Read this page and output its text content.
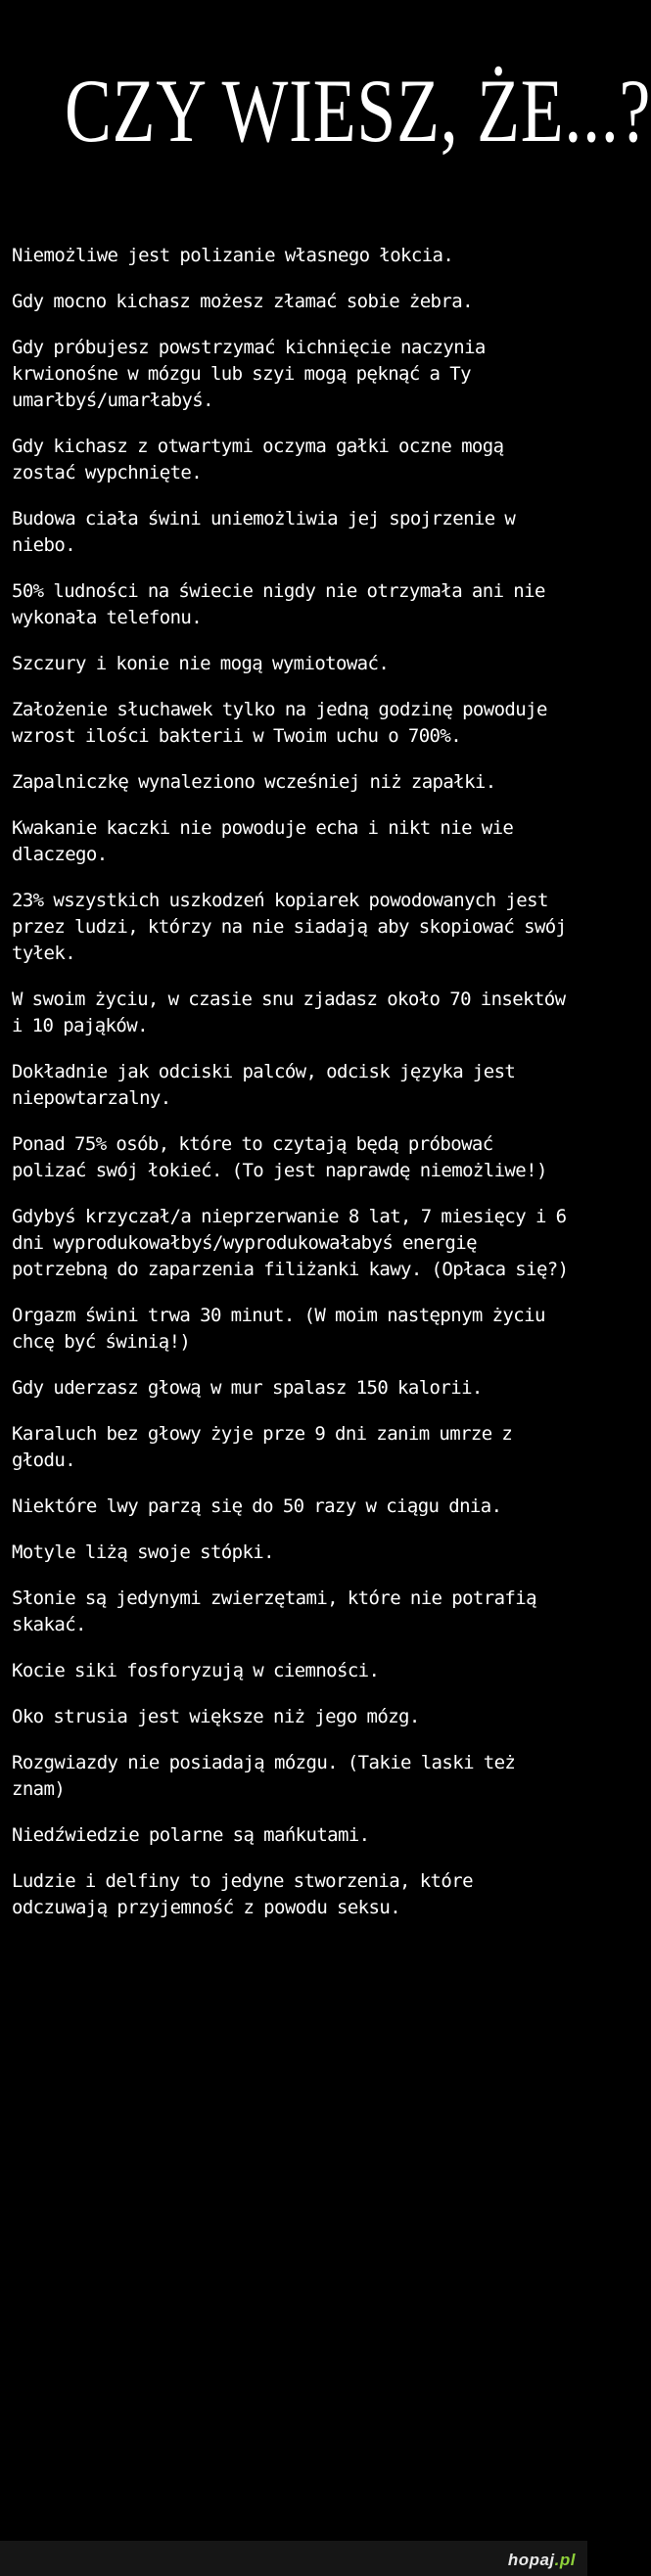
CZY WIESZ, ŻE...?
Niemożliwe jest polizanie własnego łokcia.
Gdy mocno kichasz możesz złamać sobie żebra.
Gdy próbujesz powstrzymać kichnięcie naczynia krwionośne w mózgu lub szyi mogą pęknąć a Ty umarłbyś/umarłabyś.
Gdy kichasz z otwartymi oczyma gałki oczne mogą zostać wypchnięte.
Budowa ciała świni uniemożliwia jej spojrzenie w niebo.
50% ludności na świecie nigdy nie otrzymała ani nie wykonała telefonu.
Szczury i konie nie mogą wymiotować.
Założenie słuchawek tylko na jedną godzinę powoduje wzrost ilości bakterii w Twoim uchu o 700%.
Zapalniczkę wynaleziono wcześniej niż zapałki.
Kwakanie kaczki nie powoduje echa i nikt nie wie dlaczego.
23% wszystkich uszkodzeń kopiarek powodowanych jest przez ludzi, którzy na nie siadają aby skopiować swój tyłek.
W swoim życiu, w czasie snu zjadasz około 70 insektów i 10 pająków.
Dokładnie jak odciski palców, odcisk języka jest niepowtarzalny.
Ponad 75% osób, które to czytają będą próbować polizać swój łokieć. (To jest naprawdę niemożliwe!)
Gdybyś krzyczał/a nieprzerwanie 8 lat, 7 miesięcy i 6 dni wyprodukowałbyś/wyprodukowałabyś energię potrzebną do zaparzenia filiżanki kawy. (Opłaca się?)
Orgazm świni trwa 30 minut. (W moim następnym życiu chcę być świnią!)
Gdy uderzasz głową w mur spalasz 150 kalorii.
Karaluch bez głowy żyje prze 9 dni zanim umrze z głodu.
Niektóre lwy parzą się do 50 razy w ciągu dnia.
Motyle liżą swoje stópki.
Słonie są jedynymi zwierzętami, które nie potrafią skakać.
Kocie siki fosforyzują w ciemności.
Oko strusia jest większe niż jego mózg.
Rozgwiazdy nie posiadają mózgu. (Takie laski też znam)
Niedźwiedzie polarne są mańkutami.
Ludzie i delfiny to jedyne stworzenia, które odczuwają przyjemność z powodu seksu.
hopaj.pl
